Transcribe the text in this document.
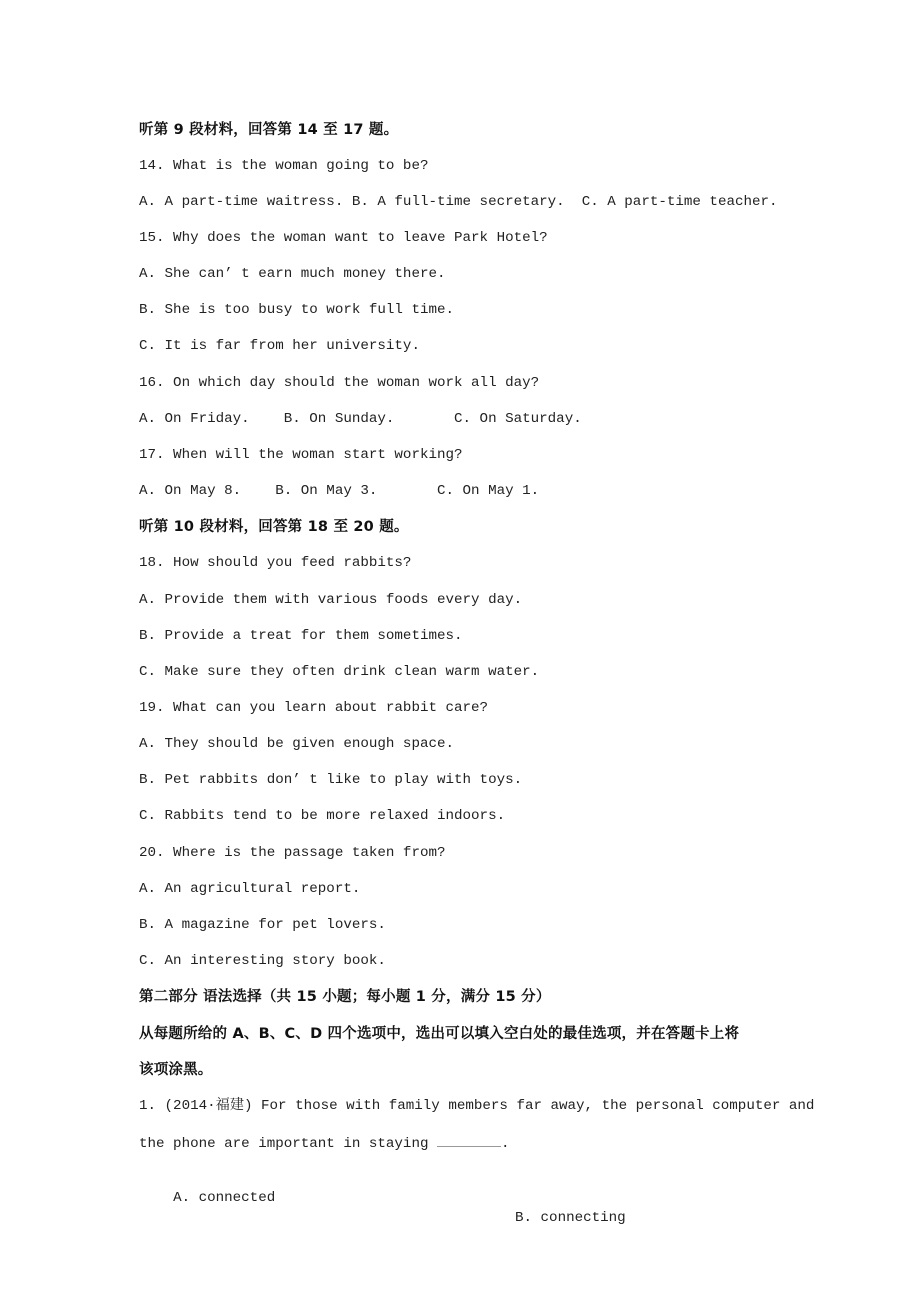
听第 9 段材料，回答第 14 至 17 题。
14. What is the woman going to be?
A. A part-time waitress. B. A full-time secretary.  C. A part-time teacher.
15. Why does the woman want to leave Park Hotel?
A. She can’ t earn much money there.
B. She is too busy to work full time.
C. It is far from her university.
16. On which day should the woman work all day?
A. On Friday.    B. On Sunday.       C. On Saturday.
17. When will the woman start working?
A. On May 8.    B. On May 3.       C. On May 1.
听第 10 段材料，回答第 18 至 20 题。
18. How should you feed rabbits?
A. Provide them with various foods every day.
B. Provide a treat for them sometimes.
C. Make sure they often drink clean warm water.
19. What can you learn about rabbit care?
A. They should be given enough space.
B. Pet rabbits don’ t like to play with toys.
C. Rabbits tend to be more relaxed indoors.
20. Where is the passage taken from?
A. An agricultural report.
B. A magazine for pet lovers.
C. An interesting story book.
第二部分 语法选择（共 15 小题；每小题 1 分，满分 15 分）
从每题所给的 A、B、C、D 四个选项中，选出可以填入空白处的最佳选项，并在答题卡上将
该项涂黑。
1. (2014·福建) For those with family members far away, the personal computer and
the phone are important in staying	.

A. connected

B. connecting
